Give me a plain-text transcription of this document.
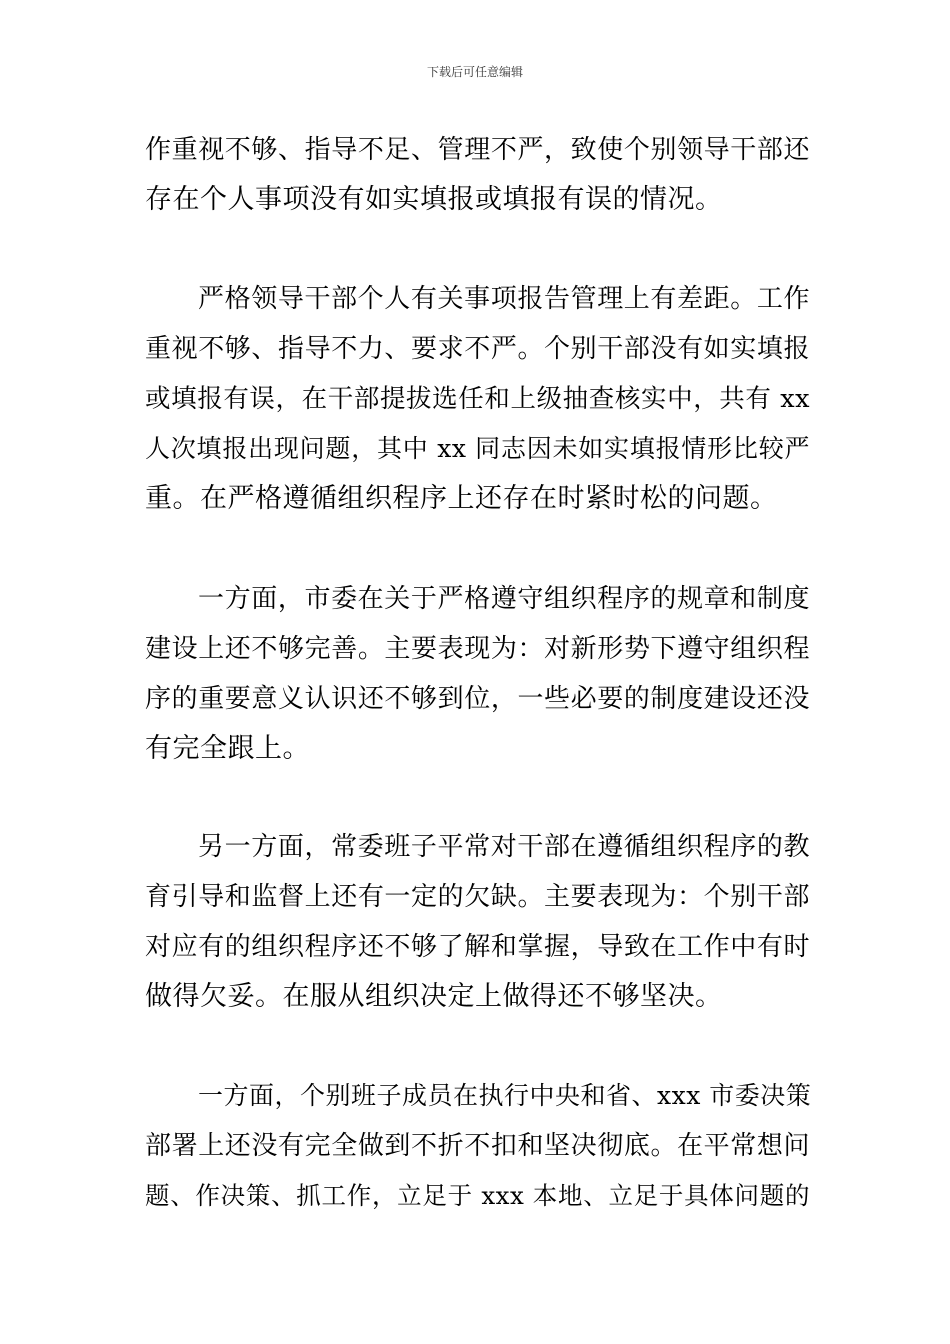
下载后可任意编辑
作重视不够、指导不足、管理不严，致使个别领导干部还
存在个人事项没有如实填报或填报有误的情况。
严格领导干部个人有关事项报告管理上有差距。工作
重视不够、指导不力、要求不严。个别干部没有如实填报
或填报有误，在干部提拔选任和上级抽查核实中，共有 xx
人次填报出现问题，其中 xx 同志因未如实填报情形比较严
重。在严格遵循组织程序上还存在时紧时松的问题。
一方面，市委在关于严格遵守组织程序的规章和制度
建设上还不够完善。主要表现为：对新形势下遵守组织程
序的重要意义认识还不够到位，一些必要的制度建设还没
有完全跟上。
另一方面，常委班子平常对干部在遵循组织程序的教
育引导和监督上还有一定的欠缺。主要表现为：个别干部
对应有的组织程序还不够了解和掌握，导致在工作中有时
做得欠妥。在服从组织决定上做得还不够坚决。
一方面，个别班子成员在执行中央和省、xxx 市委决策
部署上还没有完全做到不折不扣和坚决彻底。在平常想问
题、作决策、抓工作，立足于 xxx 本地、立足于具体问题的
